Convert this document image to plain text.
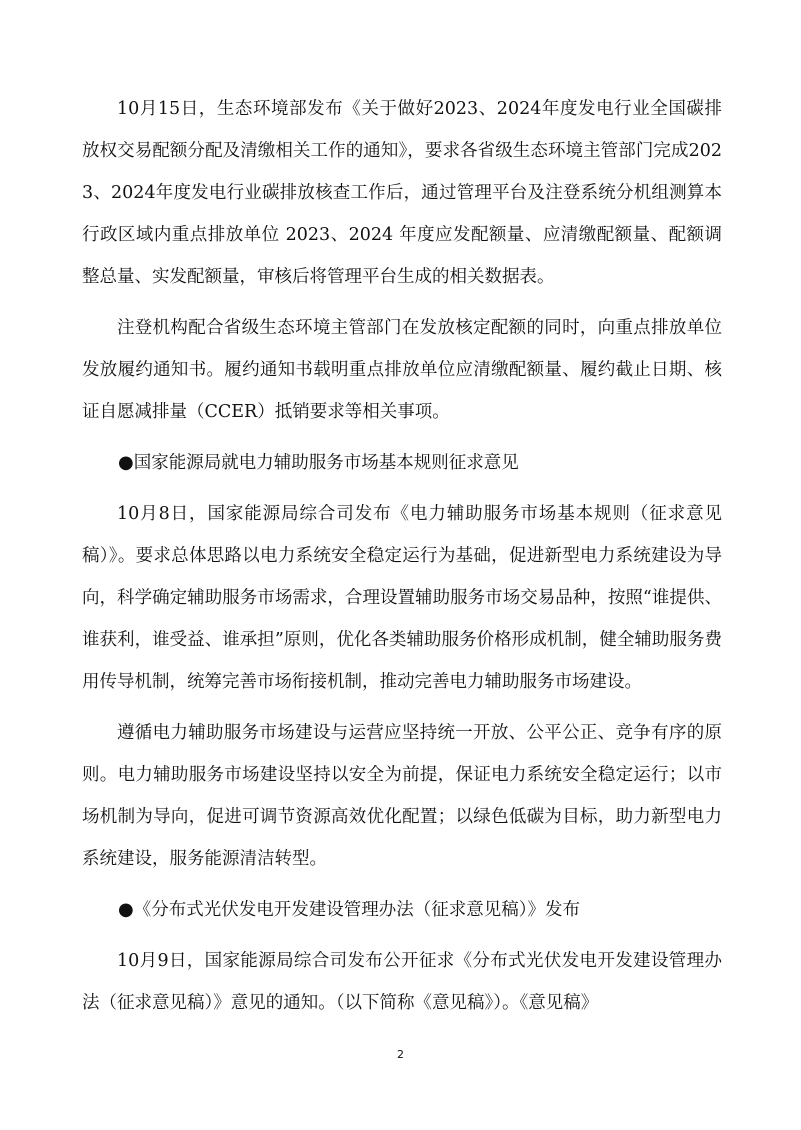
10月15日，生态环境部发布《关于做好2023、2024年度发电行业全国碳排放权交易配额分配及清缴相关工作的通知》，要求各省级生态环境主管部门完成2023、2024年度发电行业碳排放核查工作后，通过管理平台及注登系统分机组测算本行政区域内重点排放单位 2023、2024 年度应发配额量、应清缴配额量、配额调整总量、实发配额量，审核后将管理平台生成的相关数据表。

注登机构配合省级生态环境主管部门在发放核定配额的同时，向重点排放单位发放履约通知书。履约通知书载明重点排放单位应清缴配额量、履约截止日期、核证自愿减排量（CCER）抵销要求等相关事项。

●国家能源局就电力辅助服务市场基本规则征求意见

10月8日，国家能源局综合司发布《电力辅助服务市场基本规则（征求意见稿）》。要求总体思路以电力系统安全稳定运行为基础，促进新型电力系统建设为导向，科学确定辅助服务市场需求，合理设置辅助服务市场交易品种，按照“谁提供、谁获利，谁受益、谁承担”原则，优化各类辅助服务价格形成机制，健全辅助服务费用传导机制，统筹完善市场衔接机制，推动完善电力辅助服务市场建设。

遵循电力辅助服务市场建设与运营应坚持统一开放、公平公正、竞争有序的原则。电力辅助服务市场建设坚持以安全为前提，保证电力系统安全稳定运行；以市场机制为导向，促进可调节资源高效优化配置；以绿色低碳为目标，助力新型电力系统建设，服务能源清洁转型。

●《分布式光伏发电开发建设管理办法（征求意见稿）》发布

10月9日，国家能源局综合司发布公开征求《分布式光伏发电开发建设管理办法（征求意见稿）》意见的通知。（以下简称《意见稿》）。《意见稿》

2
